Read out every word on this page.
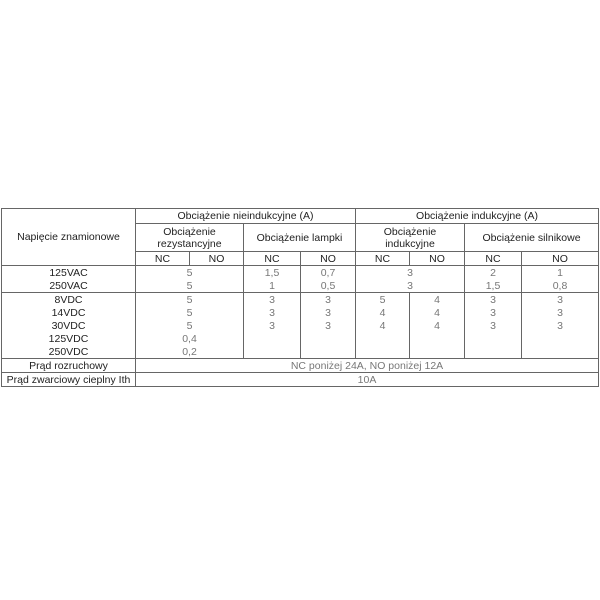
Napięcie znamionowe	Obciążenie nieindukcyjne (A)				Obciążenie indukcyjne (A)			
	Obciążenie rezystancyjne		Obciążenie lampki		Obciążenie indukcyjne		Obciążenie silnikowe	
	NC	NO	NC	NO	NC	NO	NC	NO
125VAC	5		1,5	0,7	3		2	1
250VAC	5		1	0,5	3		1,5	0,8
8VDC	5		3	3	5	4	3	3
14VDC	5		3	3	4	4	3	3
30VDC	5		3	3	4	4	3	3
125VDC	0,4							
250VDC	0,2							
Prąd rozruchowy	NC poniżej 24A, NO poniżej 12A							
Prąd zwarciowy cieplny Ith	10A							
